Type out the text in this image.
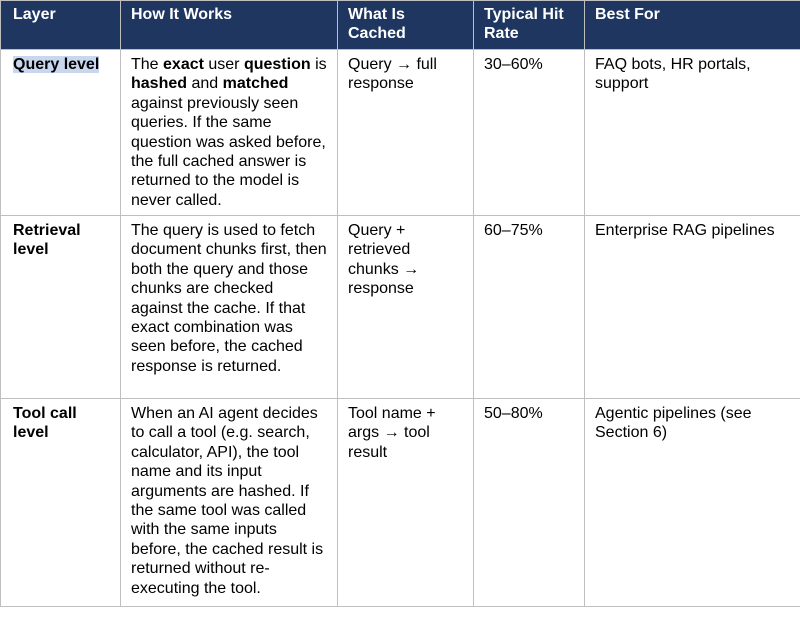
Layer	How It Works	What Is Cached	Typical Hit Rate	Best For
Query level	The exact user question is hashed and matched against previously seen queries. If the same question was asked before, the full cached answer is returned to the model is never called.	Query → full response	30–60%	FAQ bots, HR portals, support
Retrieval level	The query is used to fetch document chunks first, then both the query and those chunks are checked against the cache. If that exact combination was seen before, the cached response is returned.	Query + retrieved chunks → response	60–75%	Enterprise RAG pipelines
Tool call level	When an AI agent decides to call a tool (e.g. search, calculator, API), the tool name and its input arguments are hashed. If the same tool was called with the same inputs before, the cached result is returned without re-executing the tool.	Tool name + args → tool result	50–80%	Agentic pipelines (see Section 6)
